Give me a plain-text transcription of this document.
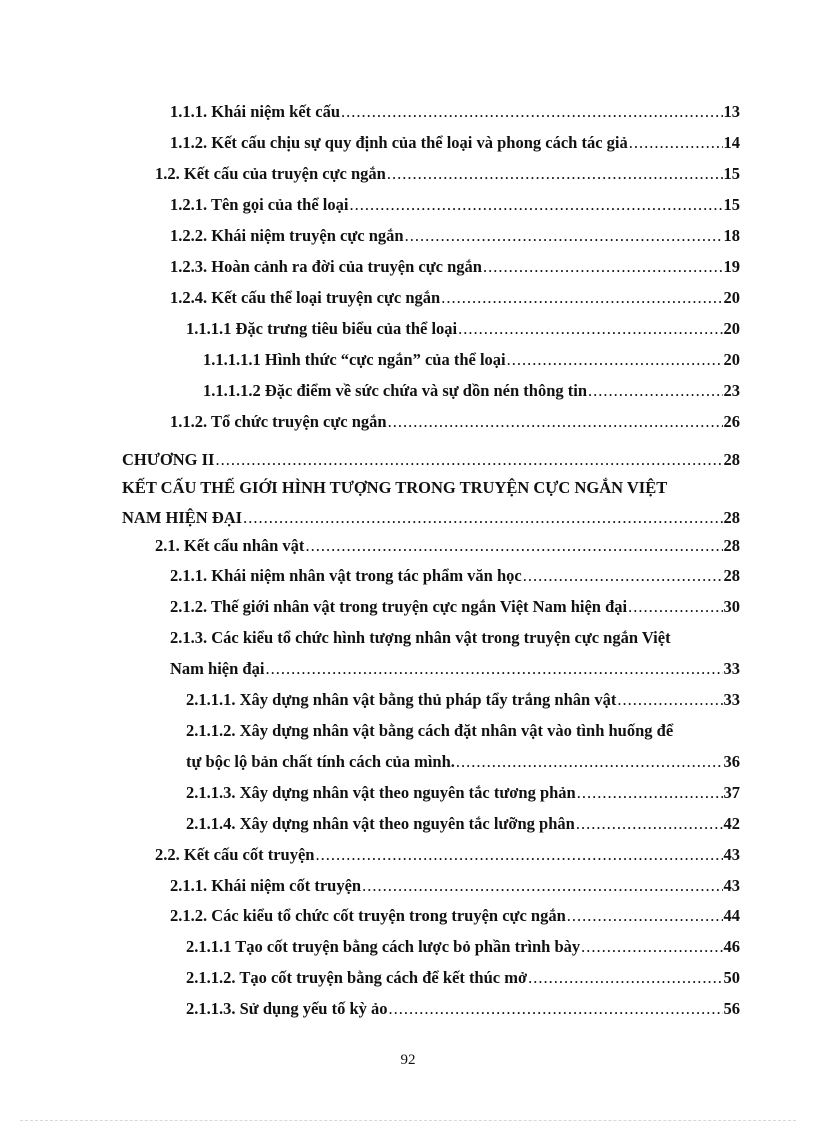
1.1.1. Khái niệm kết cấu .....	13
1.1.2. Kết cấu chịu sự quy định của thể loại và phong cách tác giả .....	14
1.2. Kết cấu của truyện cực ngắn .....	15
1.2.1. Tên gọi của thể loại .....	15
1.2.2. Khái niệm truyện cực ngắn .....	18
1.2.3. Hoàn cảnh ra đời của truyện cực ngắn .....	19
1.2.4. Kết cấu thể loại truyện cực ngắn .....	20
1.1.1.1 Đặc trưng tiêu biểu của thể loại .....	20
1.1.1.1.1 Hình thức “cực ngắn” của thể loại .....	20
1.1.1.1.2 Đặc điểm về sức chứa và sự dồn nén thông tin .....	23
1.1.2. Tổ chức truyện cực ngắn .....	26
CHƯƠNG II .....	28
KẾT CẤU THẾ GIỚI HÌNH TƯỢNG TRONG TRUYỆN CỰC NGẮN VIỆT
NAM HIỆN ĐẠI .....	28
2.1. Kết cấu nhân vật .....	28
2.1.1. Khái niệm nhân vật trong tác phẩm văn học .....	28
2.1.2. Thế giới nhân vật trong truyện cực ngắn Việt Nam hiện đại .....	30
2.1.3. Các kiểu tổ chức hình tượng nhân vật trong truyện cực ngắn Việt
Nam hiện đại .....	33
2.1.1.1. Xây dựng nhân vật bằng thủ pháp tẩy trắng nhân vật .....	33
2.1.1.2. Xây dựng nhân vật bằng cách đặt nhân vật vào tình huống để
tự bộc lộ bản chất tính cách của mình. .....	36
2.1.1.3. Xây dựng nhân vật theo nguyên tắc tương phản .....	37
2.1.1.4. Xây dựng nhân vật theo nguyên tắc lưỡng phân .....	42
2.2. Kết cấu cốt truyện .....	43
2.1.1. Khái niệm cốt truyện .....	43
2.1.2. Các kiểu tổ chức cốt truyện trong truyện cực ngắn .....	44
2.1.1.1 Tạo cốt truyện bằng cách lược bỏ phần trình bày .....	46
2.1.1.2. Tạo cốt truyện bằng cách để kết thúc mở .....	50
2.1.1.3. Sử dụng yếu tố kỳ ảo .....	56
92
